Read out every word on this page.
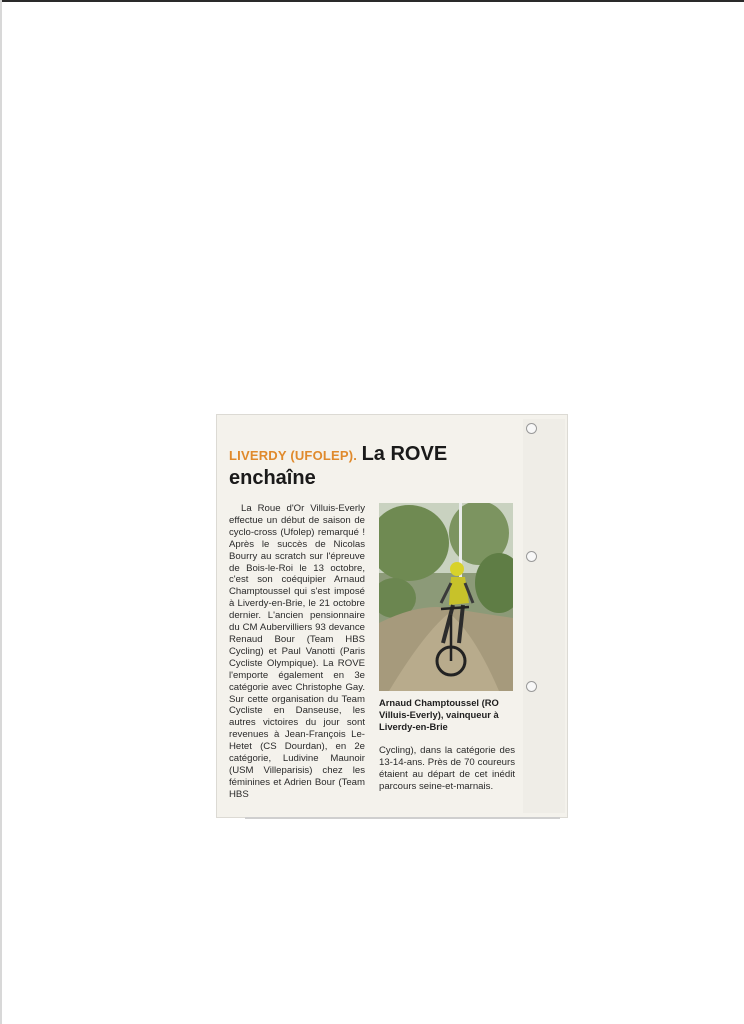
LIVERDY (UFOLEP). La ROVE
enchaîne

La Roue d'Or Villuis-Everly effectue un début de saison de cyclo-cross (Ufolep) remarqué ! Après le succès de Nicolas Bourry au scratch sur l'épreuve de Bois-le-Roi le 13 octobre, c'est son coéquipier Arnaud Champtoussel qui s'est imposé à Liverdy-en-Brie, le 21 octobre dernier. L'ancien pensionnaire du CM Aubervilliers 93 devance Renaud Bour (Team HBS Cycling) et Paul Vanotti (Paris Cycliste Olympique). La ROVE l'emporte également en 3e catégorie avec Christophe Gay. Sur cette organisation du Team Cycliste en Danseuse, les autres victoires du jour sont revenues à Jean-François Le-Hetet (CS Dourdan), en 2e catégorie, Ludivine Maunoir (USM Villeparisis) chez les féminines et Adrien Bour (Team HBS

Arnaud Champtoussel (RO Villuis-Everly), vainqueur à Liverdy-en-Brie
Cycling), dans la catégorie des 13-14-ans. Près de 70 coureurs étaient au départ de cet inédit parcours seine-et-marnais.
